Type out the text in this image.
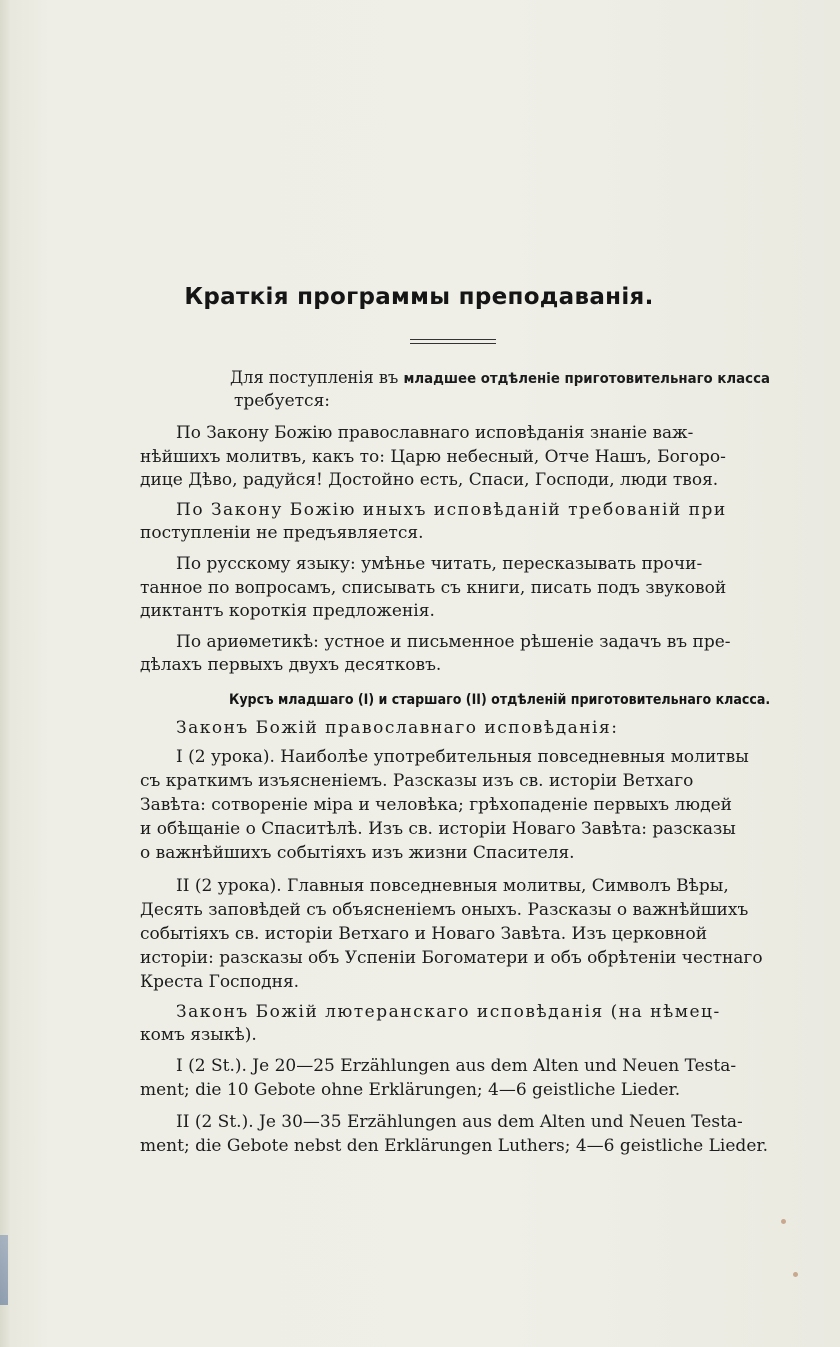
Краткія программы преподаванія.
Для поступленія въ младшее отдѣленіе приготовительнаго класса
требуется:
По Закону Божію православнаго исповѣданія знаніе важ-
нѣйшихъ молитвъ, какъ то: Царю небесный, Отче Нашъ, Богоро-
дице Дѣво, радуйся! Достойно есть, Спаси, Господи, люди твоя.
По Закону Божію иныхъ исповѣданій требованій при
поступленіи не предъявляется.
По русскому языку: умѣнье читать, пересказывать прочи-
танное по вопросамъ, списывать съ книги, писать подъ звуковой
диктантъ короткія предложенія.
По ариѳметикѣ: устное и письменное рѣшеніе задачъ въ пре-
дѣлахъ первыхъ двухъ десятковъ.
Курсъ младшаго (I) и старшаго (II) отдѣленій приготовительнаго класса.
Законъ Божій православнаго исповѣданія:
I (2 урока). Наиболѣе употребительныя повседневныя молитвы
съ краткимъ изъясненіемъ. Разсказы изъ св. исторіи Ветхаго
Завѣта: сотвореніе міра и человѣка; грѣхопаденіе первыхъ людей
и обѣщаніе о Спаситѣлѣ. Изъ св. исторіи Новаго Завѣта: разсказы
о важнѣйшихъ событіяхъ изъ жизни Спасителя.
II (2 урока). Главныя повседневныя молитвы, Символъ Вѣры,
Десять заповѣдей съ объясненіемъ оныхъ. Разсказы о важнѣйшихъ
событіяхъ св. исторіи Ветхаго и Новаго Завѣта. Изъ церковной
исторіи: разсказы объ Успеніи Богоматери и объ обрѣтеніи честнаго
Креста Господня.
Законъ Божій лютеранскаго исповѣданія (на нѣмец-
комъ языкѣ).
I (2 St.). Je 20—25 Erzählungen aus dem Alten und Neuen Testa-
ment; die 10 Gebote ohne Erklärungen; 4—6 geistliche Lieder.
II (2 St.). Je 30—35 Erzählungen aus dem Alten und Neuen Testa-
ment; die Gebote nebst den Erklärungen Luthers; 4—6 geistliche Lieder.
